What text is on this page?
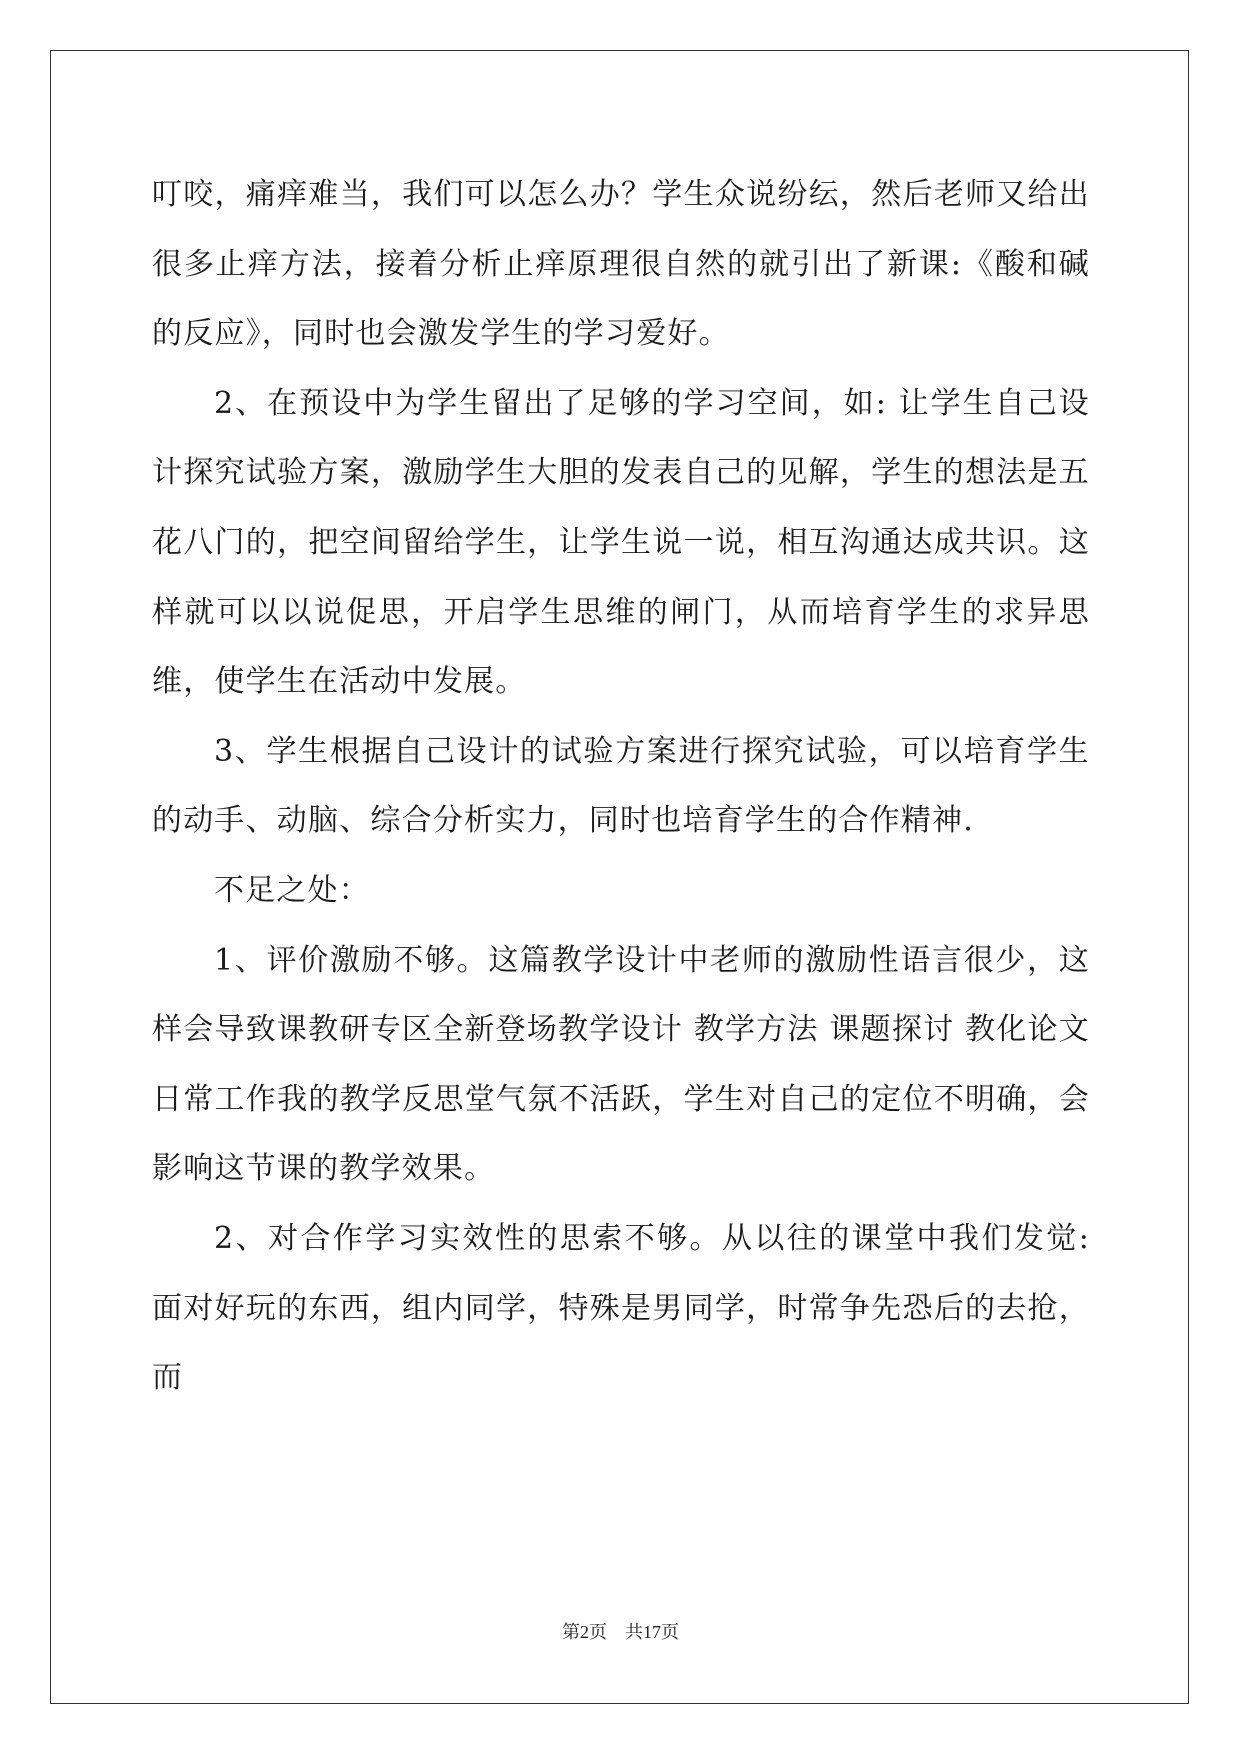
叮咬，痛痒难当，我们可以怎么办？学生众说纷纭，然后老师又给出很多止痒方法，接着分析止痒原理很自然的就引出了新课:《酸和碱的反应》，同时也会激发学生的学习爱好。

2、在预设中为学生留出了足够的学习空间，如: 让学生自己设计探究试验方案，激励学生大胆的发表自己的见解，学生的想法是五花八门的，把空间留给学生，让学生说一说，相互沟通达成共识。这样就可以以说促思，开启学生思维的闸门，从而培育学生的求异思维，使学生在活动中发展。

3、学生根据自己设计的试验方案进行探究试验，可以培育学生的动手、动脑、综合分析实力，同时也培育学生的合作精神.

不足之处：

1、评价激励不够。这篇教学设计中老师的激励性语言很少，这样会导致课教研专区全新登场教学设计 教学方法 课题探讨 教化论文日常工作我的教学反思堂气氛不活跃，学生对自己的定位不明确，会影响这节课的教学效果。

2、对合作学习实效性的思索不够。从以往的课堂中我们发觉: 面对好玩的东西，组内同学，特殊是男同学，时常争先恐后的去抢，而

第2页 共17页
